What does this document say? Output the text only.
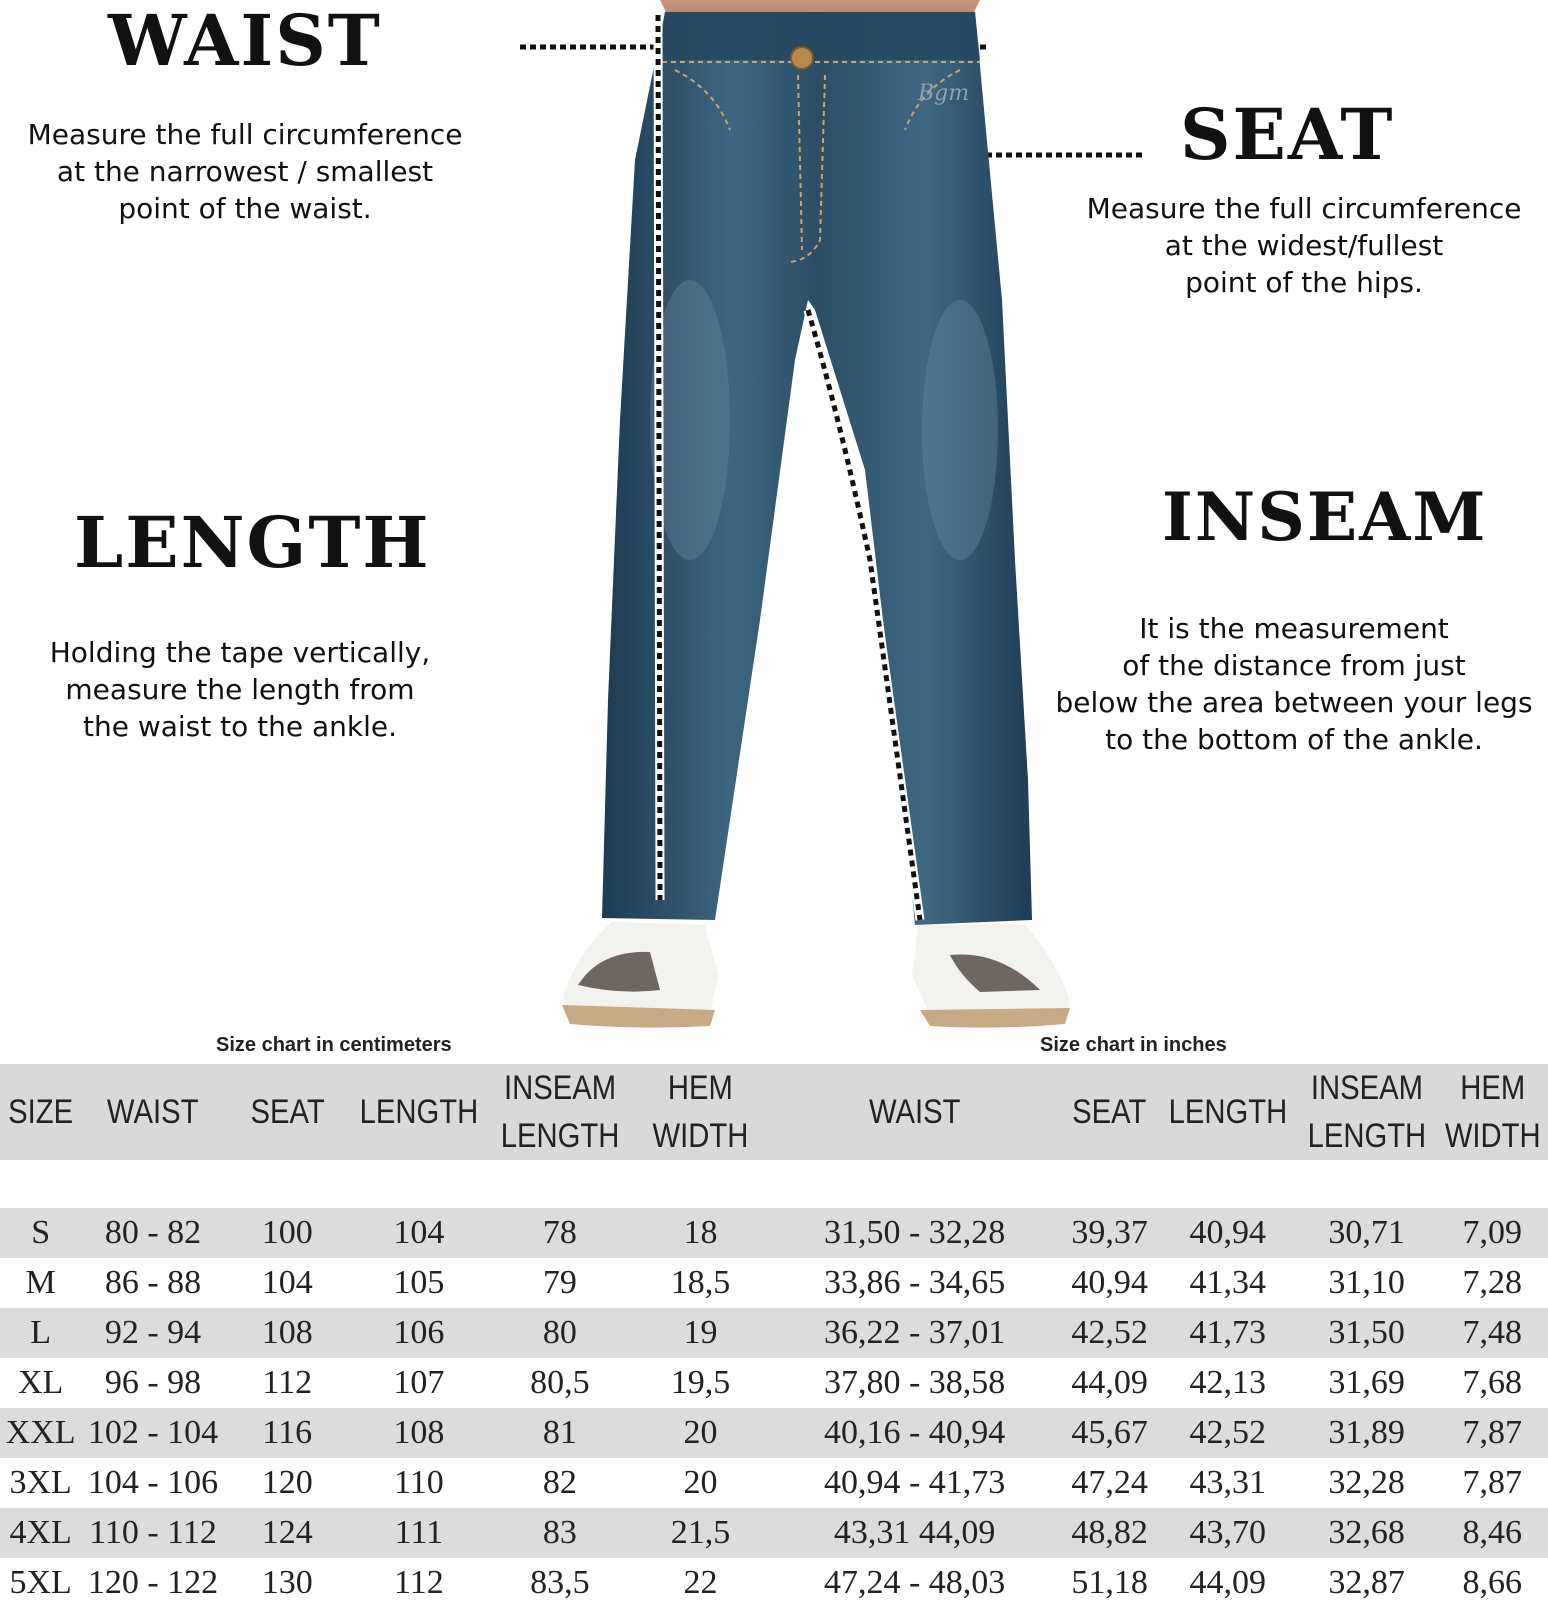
WAIST
SEAT
LENGTH	INSEAM
Measure the full circumference
at the narrowest / smallest
point of the waist.	Measure the full circumference
at the widest/fullest
point of the hips.
Holding the tape vertically,
measure the length from
the waist to the ankle.
It is the measurement
of the distance from just
below the area between your legs
to the bottom of the ankle.
Bgm
Size chart in centimeters	Size chart in inches
SIZE	WAIST	SEAT	LENGTH	INSEAM LENGTH	HEM WIDTH	WAIST	SEAT	LENGTH	INSEAM LENGTH	HEM WIDTH

S	80 - 82	100	104	78	18	31,50 - 32,28	39,37	40,94	30,71	7,09
M	86 - 88	104	105	79	18,5	33,86 - 34,65	40,94	41,34	31,10	7,28
L	92 - 94	108	106	80	19	36,22 - 37,01	42,52	41,73	31,50	7,48
XL	96 - 98	112	107	80,5	19,5	37,80 - 38,58	44,09	42,13	31,69	7,68
XXL	102 - 104	116	108	81	20	40,16 - 40,94	45,67	42,52	31,89	7,87
3XL	104 - 106	120	110	82	20	40,94 - 41,73	47,24	43,31	32,28	7,87
4XL	110 - 112	124	111	83	21,5	43,31 44,09	48,82	43,70	32,68	8,46
5XL	120 - 122	130	112	83,5	22	47,24 - 48,03	51,18	44,09	32,87	8,66
